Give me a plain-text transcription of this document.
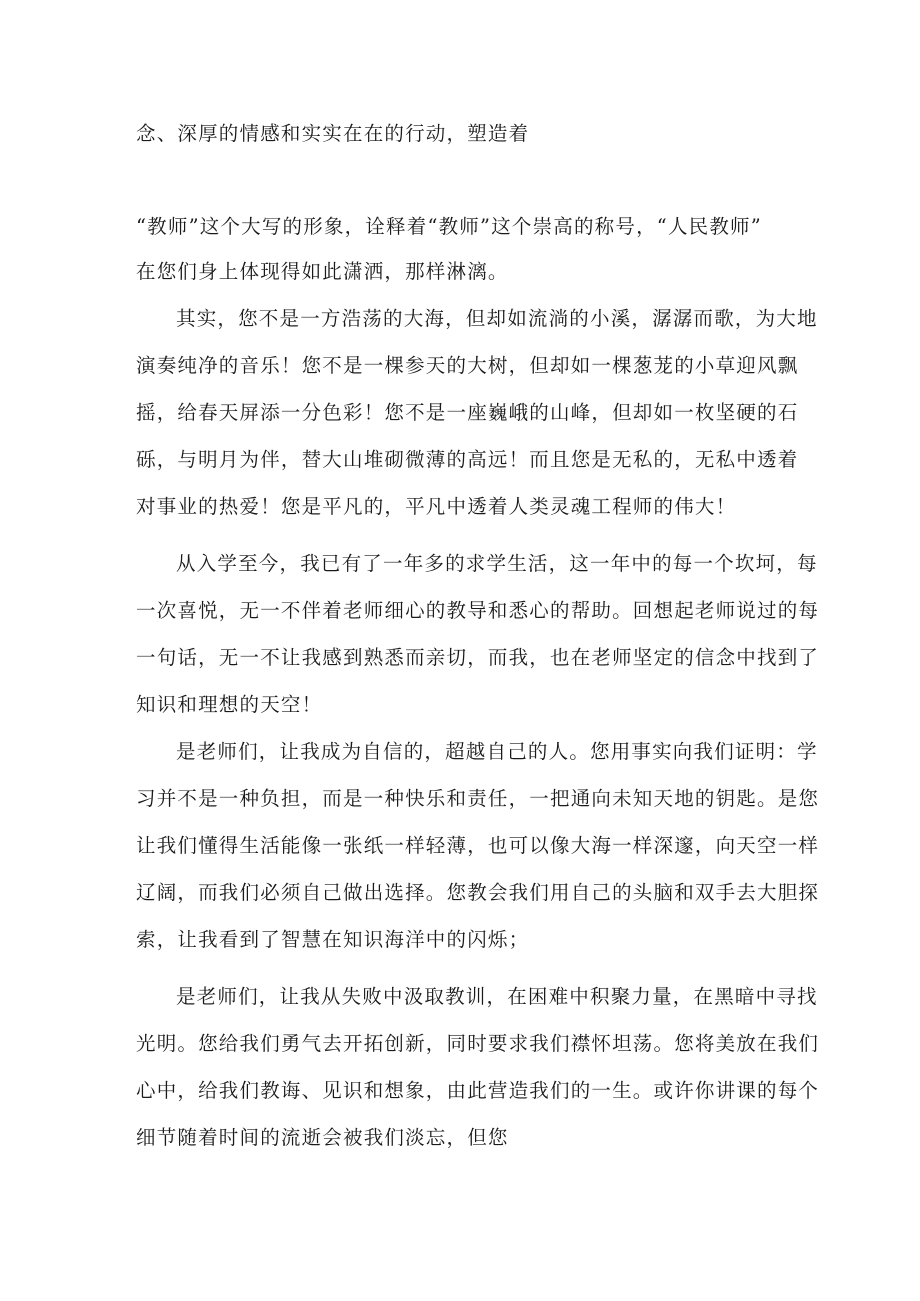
念、深厚的情感和实实在在的行动，塑造着
“教师”这个大写的形象，诠释着“教师”这个崇高的称号，“人民教师”
在您们身上体现得如此潇洒，那样淋漓。
其实，您不是一方浩荡的大海，但却如流淌的小溪，潺潺而歌，为大地
演奏纯净的音乐！您不是一棵参天的大树，但却如一棵葱茏的小草迎风飘
摇，给春天屏添一分色彩！您不是一座巍峨的山峰，但却如一枚坚硬的石
砾，与明月为伴，替大山堆砌微薄的高远！而且您是无私的，无私中透着
对事业的热爱！您是平凡的，平凡中透着人类灵魂工程师的伟大！
从入学至今，我已有了一年多的求学生活，这一年中的每一个坎坷，每
一次喜悦，无一不伴着老师细心的教导和悉心的帮助。回想起老师说过的每
一句话，无一不让我感到熟悉而亲切，而我，也在老师坚定的信念中找到了
知识和理想的天空！
是老师们，让我成为自信的，超越自己的人。您用事实向我们证明：学
习并不是一种负担，而是一种快乐和责任，一把通向未知天地的钥匙。是您
让我们懂得生活能像一张纸一样轻薄，也可以像大海一样深邃，向天空一样
辽阔，而我们必须自己做出选择。您教会我们用自己的头脑和双手去大胆探
索，让我看到了智慧在知识海洋中的闪烁；
是老师们，让我从失败中汲取教训，在困难中积聚力量，在黑暗中寻找
光明。您给我们勇气去开拓创新，同时要求我们襟怀坦荡。您将美放在我们
心中，给我们教诲、见识和想象，由此营造我们的一生。或许你讲课的每个
细节随着时间的流逝会被我们淡忘，但您
